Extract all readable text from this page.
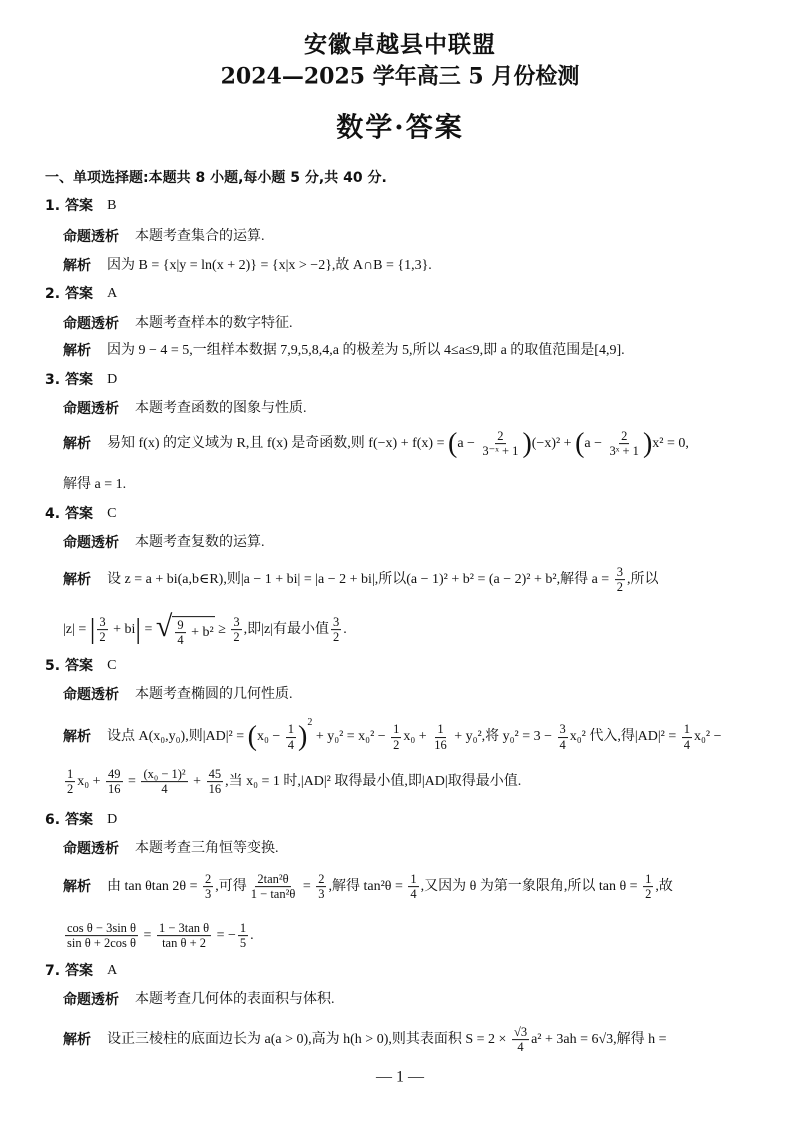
安徽卓越县中联盟
2024—2025 学年高三 5 月份检测
数学·答案
一、单项选择题:本题共 8 小题,每小题 5 分,共 40 分.
1. 答案 B
命题透析 本题考查集合的运算.
解析 因为 B = {x|y = ln(x + 2)} = {x|x > −2},故 A∩B = {1,3}.
2. 答案 A
命题透析 本题考查样本的数字特征.
解析 因为 9 − 4 = 5,一组样本数据 7,9,5,8,4,a 的极差为 5,所以 4≤a≤9,即 a 的取值范围是[4,9].
3. 答案 D
命题透析 本题考查函数的图象与性质.
解析 易知 f(x) 的定义域为 R,且 f(x) 是奇函数,则 $f(-x) + f(x) = (a - \frac{2}{\text{3⁻ˣ + 1}} )(-x)^2 + (a - \frac{2}{\text{3ˣ + 1}} )x^2 = 0$,
解得 a = 1.
4. 答案 C
命题透析 本题考查复数的运算.
解析 设 z = a + bi(a,b∈R),则|a − 1 + bi| = |a − 2 + bi|,所以(a − 1)² + b² = (a − 2)² + b²,解得 $a = \frac{3}{2}$ ,所以
|z| = | $\frac{3}{2} + bi|$ = √ $\frac{9}{4} + b^2 \ge \frac{3}{2}$ ,即|z|有最小值 $\frac{3}{2}$ .
5. 答案 C
命题透析 本题考查椭圆的几何性质.
解析 设点 A(x₀,y₀),则$|AD|^2 = (x_0 - \frac{1}{4} )^2 + y_0^2 = x_0^2 - \frac{1}{2} x_0 + \frac{1}{16} + y_0^2$,将 $y_0^2 = 3 - \frac{3}{4} x_0^2$ 代入,得$|AD|^2 = \frac{1}{4} x_0^2$ −
$\frac{1}{2} x_0 + \frac{49}{16} = \frac{\text{(x₀ − 1)²}}{4} + \frac{45}{16}$ ,当 x₀ = 1 时,|AD|² 取得最小值,即|AD|取得最小值.
6. 答案 D
命题透析 本题考查三角恒等变换.
解析 由 tan θtan $2\theta = \frac{2}{3}$ ,可得 $\frac{\text{2tan²θ}}{\text{1 − tan²θ}} = \frac{2}{3}$ ,解得 $\tan^2\theta = \frac{1}{4}$ ,又因为 θ 为第一象限角,所以 $\tan \theta = \frac{1}{2}$ ,故
$\frac{\text{cos θ − 3sin θ}}{\text{sin θ + 2cos θ}} = \frac{\text{1 − 3tan θ}}{\text{tan θ + 2}}$ = − $\frac{1}{5}$ .
7. 答案 A
命题透析 本题考查几何体的表面积与体积.
解析 设正三棱柱的底面边长为 a(a > 0),高为 h(h > 0),则其表面积 $S = 2 \times \frac{√3}{4} a^2 + 3ah = 6√3$,解得 h =
— 1 —
